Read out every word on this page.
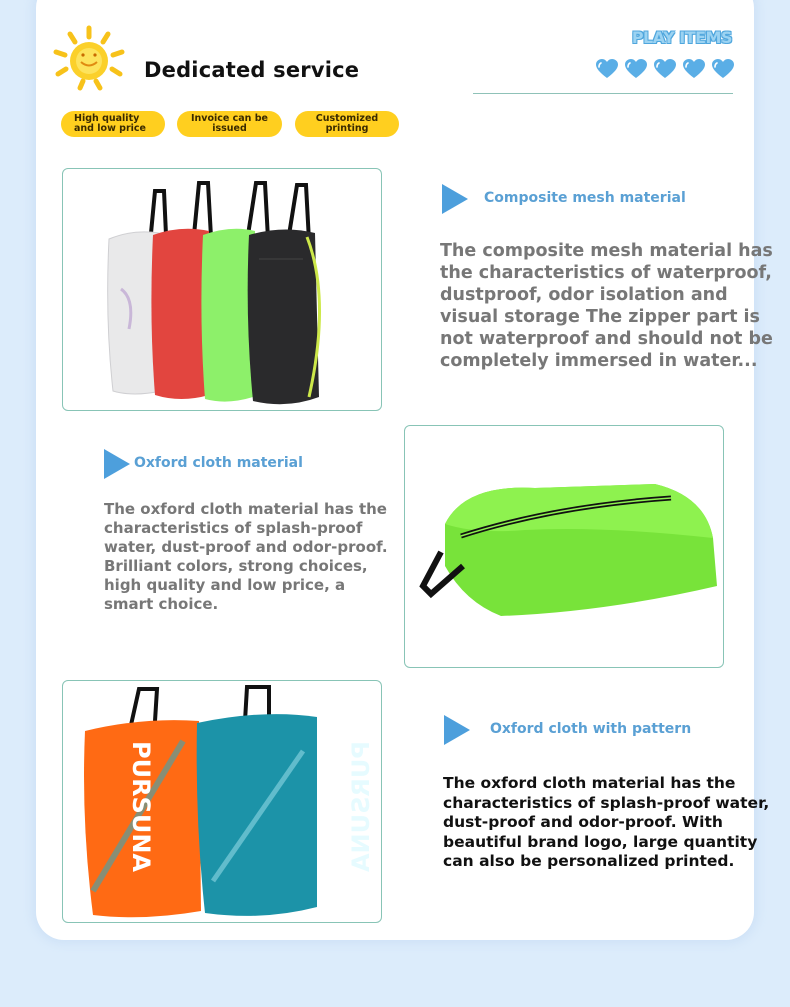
Dedicated service
PLAY ITEMS
High quality and low price
Invoice can be issued
Customized printing
Composite mesh material
The composite mesh material has the characteristics of waterproof, dustproof, odor isolation and visual storage The zipper part is not waterproof and should not be completely immersed in water...
Oxford cloth material
The oxford cloth material has the characteristics of splash-proof water, dust-proof and odor-proof. Brilliant colors, strong choices, high quality and low price, a smart choice.
PURSUNA	PURSUNA
Oxford cloth with pattern
The oxford cloth material has the characteristics of splash-proof water, dust-proof and odor-proof. With beautiful brand logo, large quantity can also be personalized printed.
